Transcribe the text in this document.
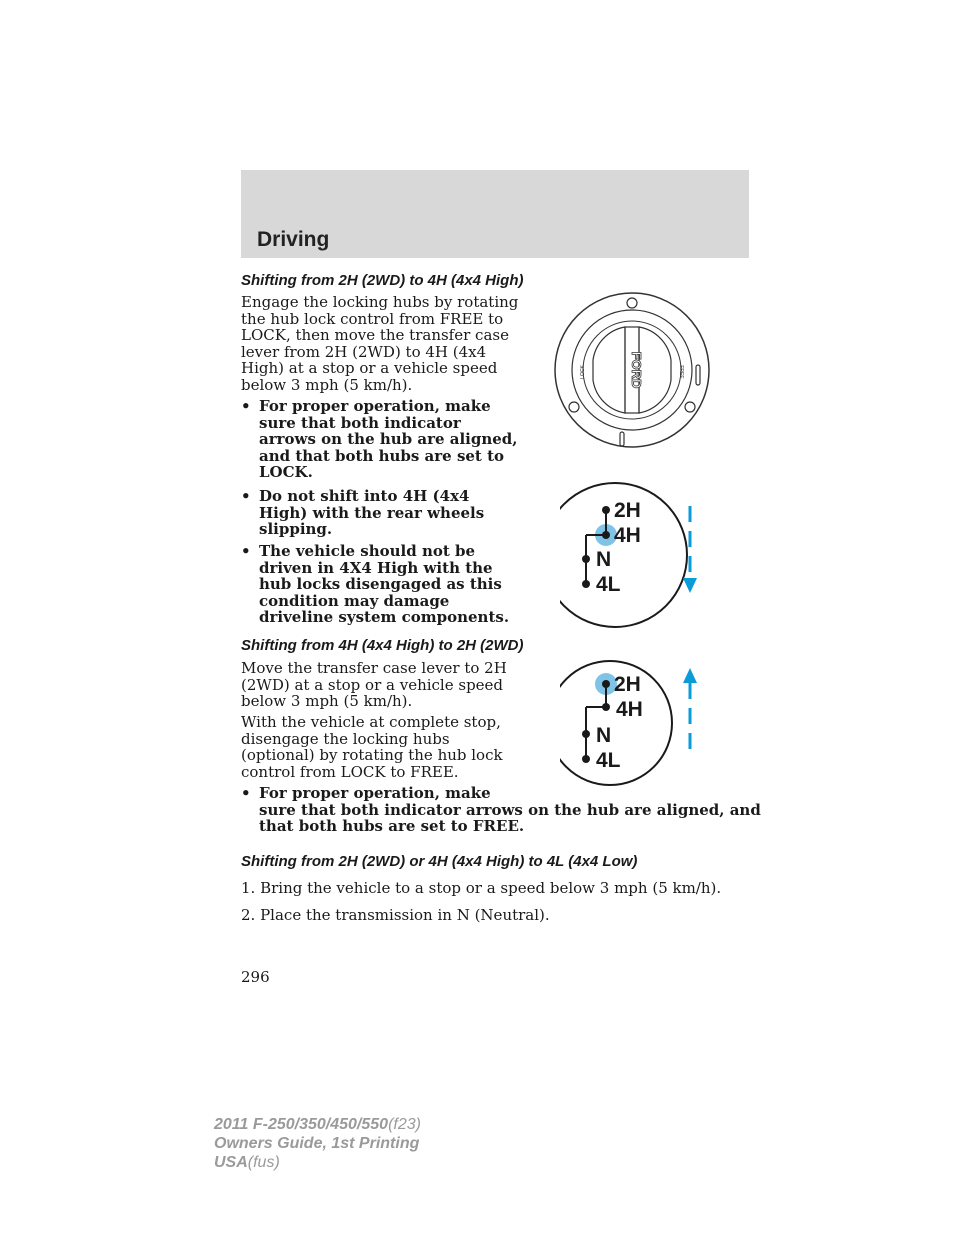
Driving
Shifting from 2H (2WD) to 4H (4x4 High)
Engage the locking hubs by rotating
the hub lock control from FREE to
LOCK, then move the transfer case
lever from 2H (2WD) to 4H (4x4
High) at a stop or a vehicle speed
below 3 mph (5 km/h).
• For proper operation, make
sure that both indicator
arrows on the hub are aligned,
and that both hubs are set to
LOCK.
• Do not shift into 4H (4x4
High) with the rear wheels
slipping.
• The vehicle should not be
driven in 4X4 High with the
hub locks disengaged as this
condition may damage
driveline system components.
Shifting from 4H (4x4 High) to 2H (2WD)
Move the transfer case lever to 2H
(2WD) at a stop or a vehicle speed
below 3 mph (5 km/h).
With the vehicle at complete stop,
disengage the locking hubs
(optional) by rotating the hub lock
control from LOCK to FREE.
• For proper operation, make
sure that both indicator arrows on the hub are aligned, and
that both hubs are set to FREE.
Shifting from 2H (2WD) or 4H (4x4 High) to 4L (4x4 Low)
1. Bring the vehicle to a stop or a speed below 3 mph (5 km/h).
2. Place the transmission in N (Neutral).
FORD
LOCK	FREE
2H
4H
N
4L
2H
4H
N
4L
296
2011 F-250/350/450/550(f23)
Owners Guide, 1st Printing
USA(fus)
carmanualsonline.info
